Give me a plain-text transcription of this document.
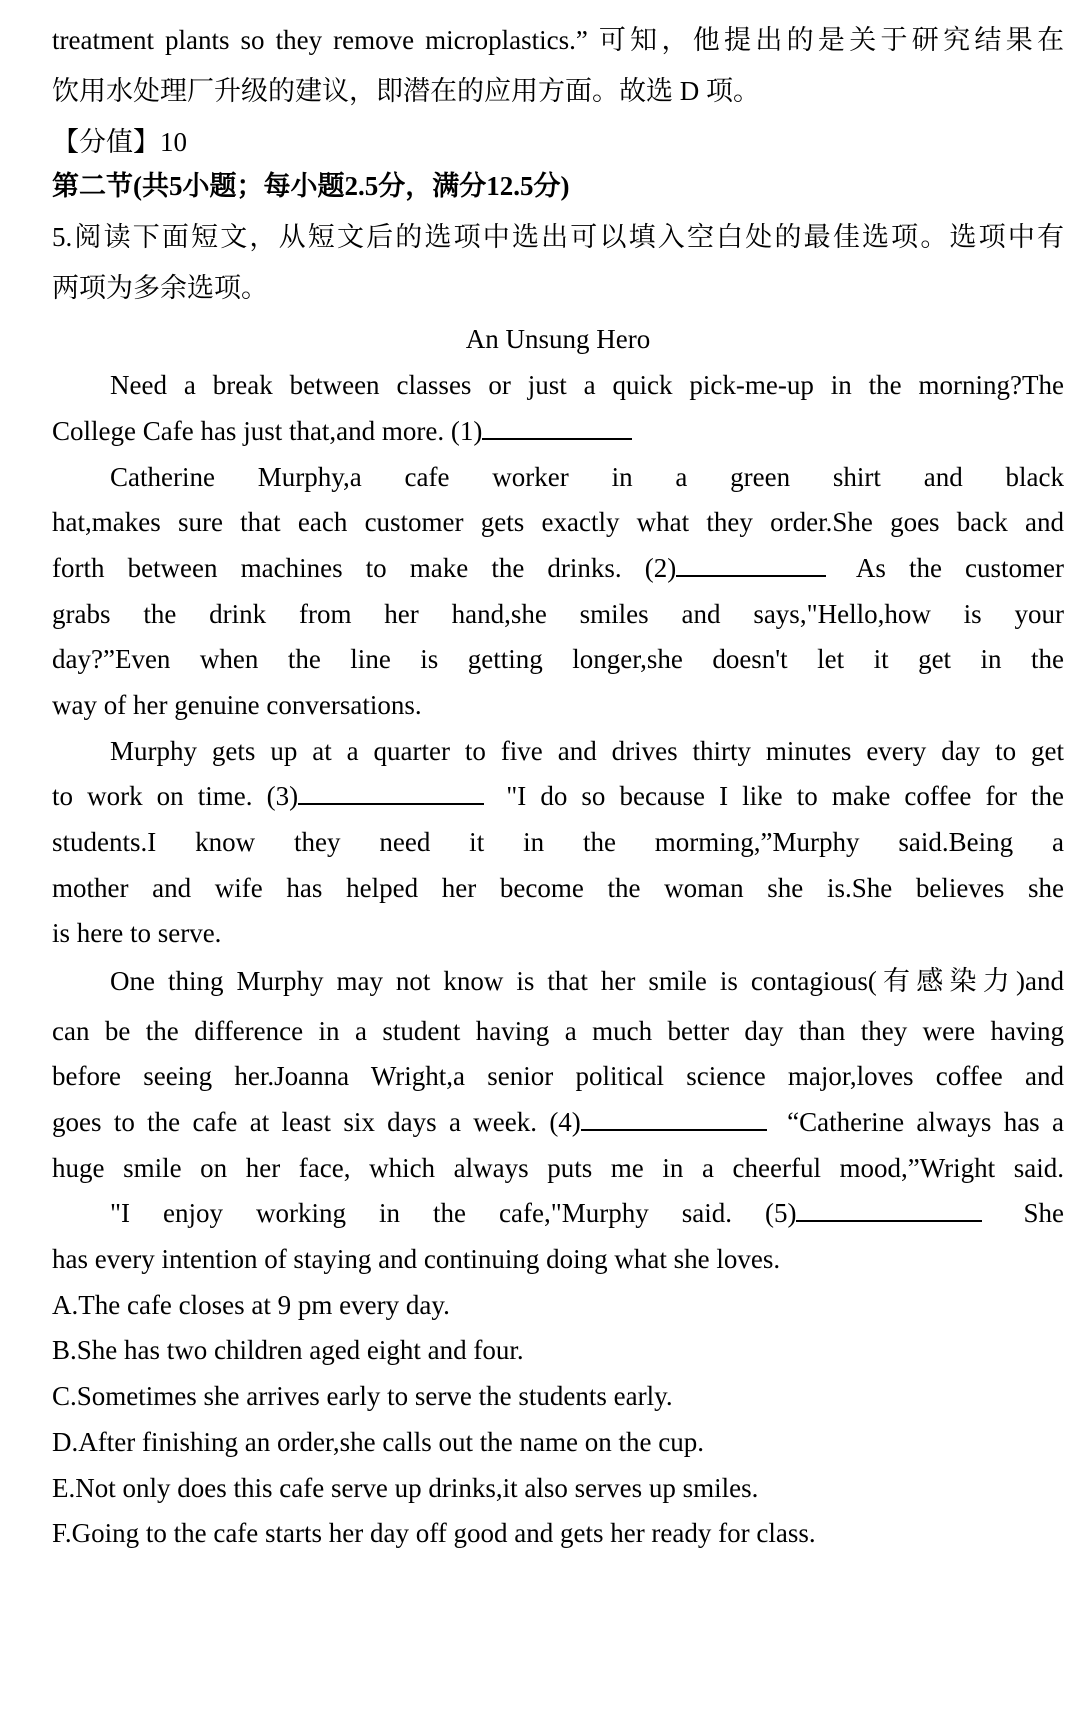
treatment plants so they remove microplastics.” 可知，他提出的是关于研究结果在
饮用水处理厂升级的建议，即潜在的应用方面。故选 D 项。
【分值】10
第二节(共5小题；每小题2.5分，满分12.5分)
5.阅读下面短文，从短文后的选项中选出可以填入空白处的最佳选项。选项中有
两项为多余选项。
An Unsung Hero
Need a break between classes or just a quick pick-me-up in the morning?The
College Cafe has just that,and more. (1)
Catherine Murphy,a cafe worker in a green shirt and black
hat,makes sure that each customer gets exactly what they order.She goes back and
forth between machines to make the drinks. (2)	As the customer
grabs the drink from her hand,she smiles and says,"Hello,how is your
day?”Even when the line is getting longer,she doesn't let it get in the
way of her genuine conversations.
Murphy gets up at a quarter to five and drives thirty minutes every day to get
to work on time. (3)	"I do so because I like to make coffee for the
students.I know they need it in the morming,”Murphy said.Being a
mother and wife has helped her become the woman she is.She believes she
is here to serve.
One thing Murphy may not know is that her smile is contagious(有感染力)and
can be the difference in a student having a much better day than they were having
before seeing her.Joanna Wright,a senior political science major,loves coffee and
goes to the cafe at least six days a week. (4)	“Catherine always has a
huge smile on her face, which always puts me in a cheerful mood,”Wright said.
"I enjoy working in the cafe,"Murphy said. (5)	She
has every intention of staying and continuing doing what she loves.
A.The cafe closes at 9 pm every day.
B.She has two children aged eight and four.
C.Sometimes she arrives early to serve the students early.
D.After finishing an order,she calls out the name on the cup.
E.Not only does this cafe serve up drinks,it also serves up smiles.
F.Going to the cafe starts her day off good and gets her ready for class.
